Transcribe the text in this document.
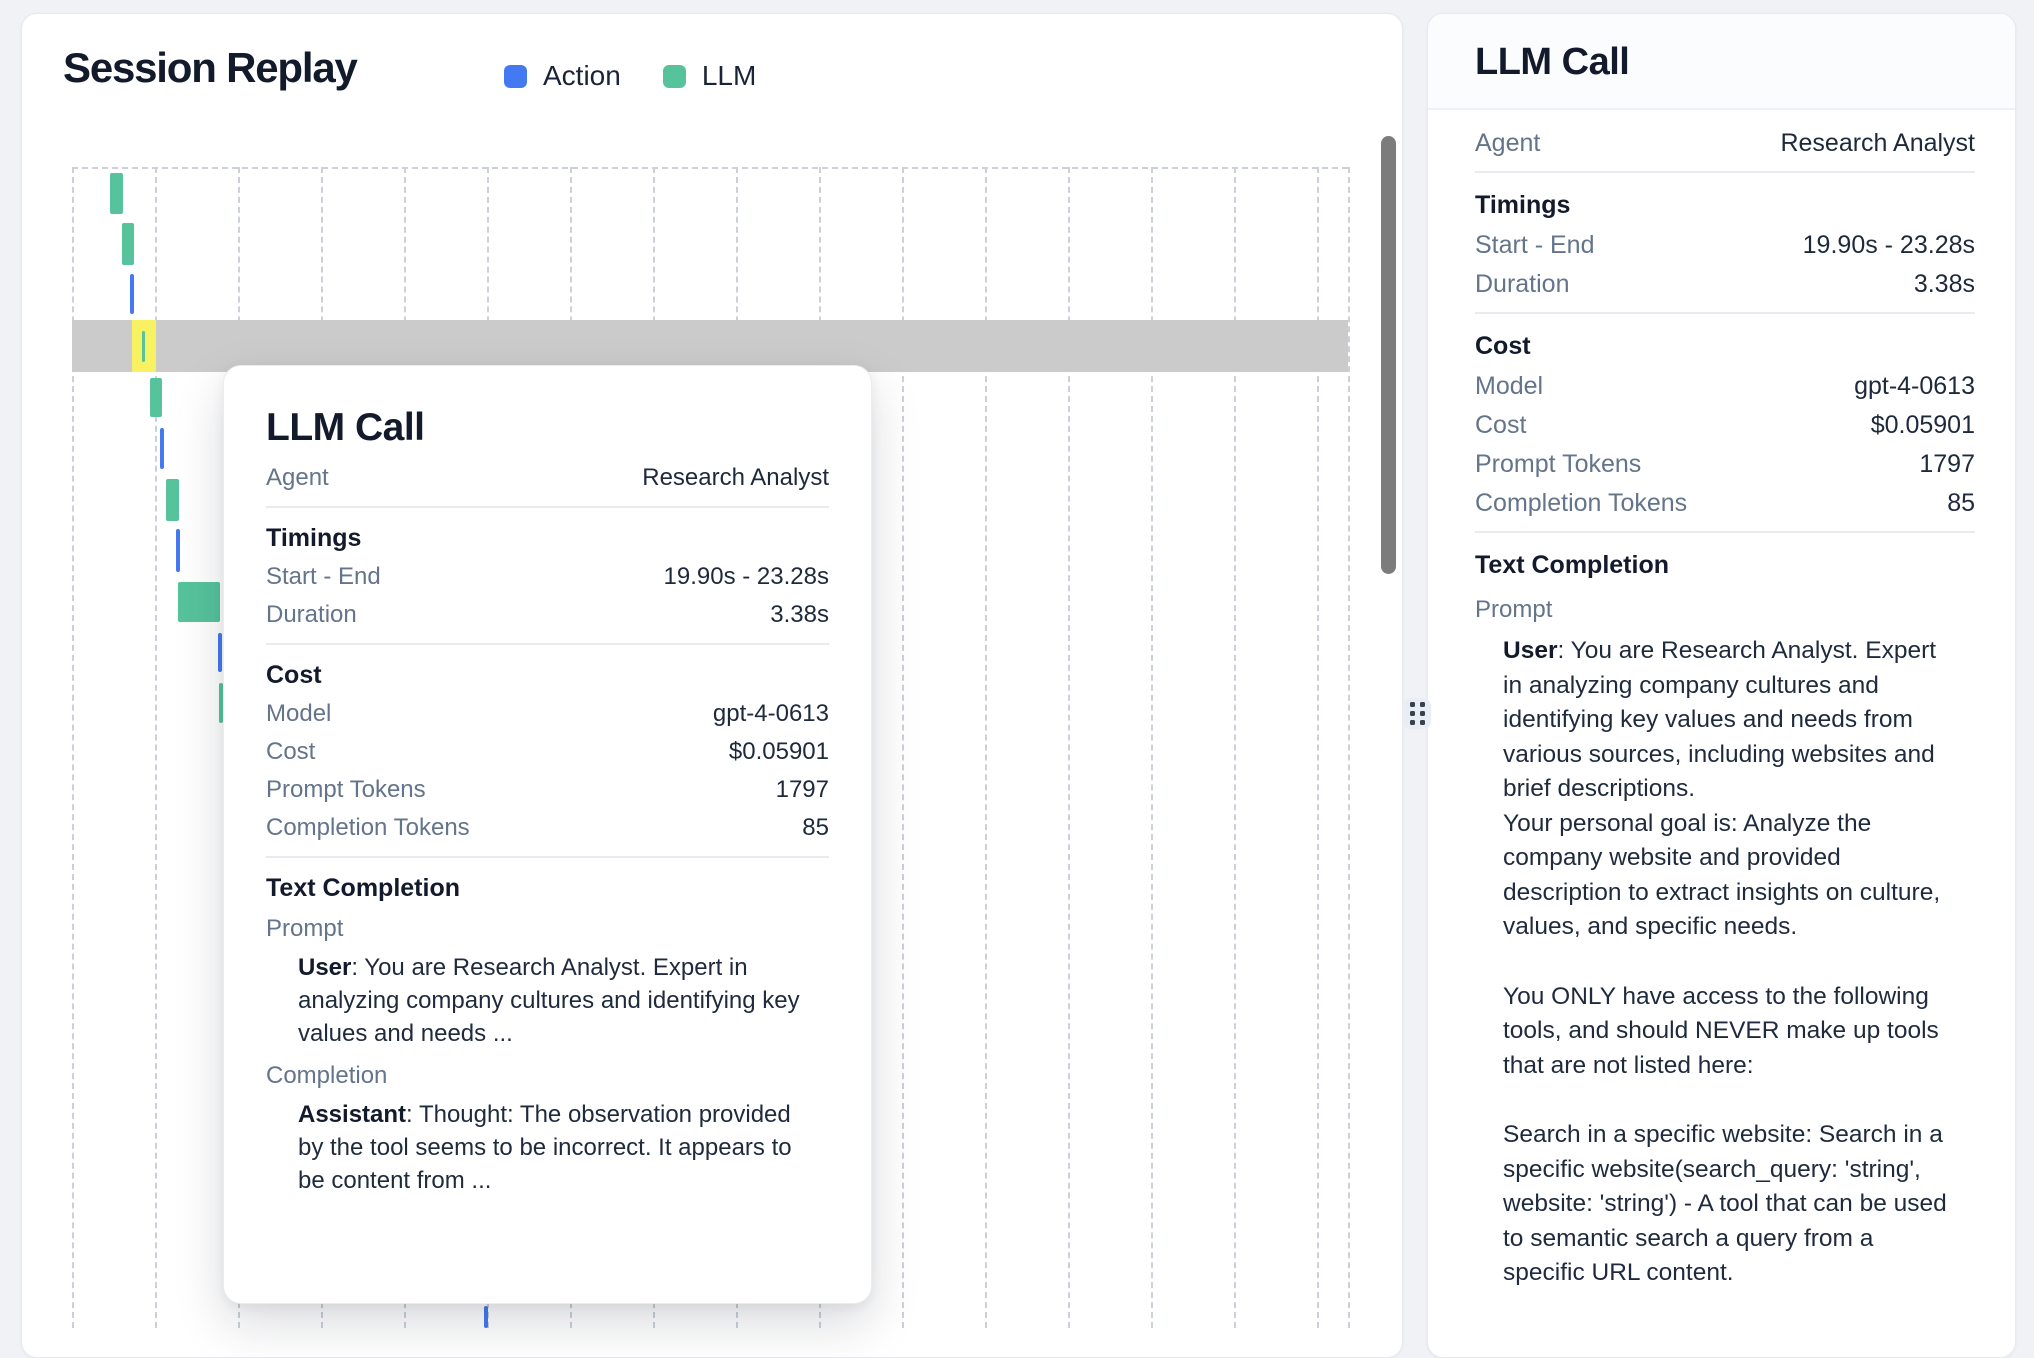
Session Replay	Action	LLM
LLM Call
Agent	Research Analyst
Timings
Start - End	19.90s - 23.28s
Duration	3.38s
Cost
Model	gpt-4-0613
Cost	$0.05901
Prompt Tokens	1797
Completion Tokens	85
Text Completion
Prompt

User: You are Research Analyst. Expert in analyzing company cultures and identifying key values and needs ...

Completion

Assistant: Thought: The observation provided by the tool seems to be incorrect. It appears to be content from ...

LLM Call
Agent	Research Analyst
Timings
Start - End	19.90s - 23.28s
Duration	3.38s
Cost
Model	gpt-4-0613
Cost	$0.05901
Prompt Tokens	1797
Completion Tokens	85
Text Completion
Prompt

User: You are Research Analyst. Expert in analyzing company cultures and identifying key values and needs from various sources, including websites and brief descriptions.
Your personal goal is: Analyze the company website and provided description to extract insights on culture, values, and specific needs.

You ONLY have access to the following tools, and should NEVER make up tools that are not listed here:

Search in a specific website: Search in a specific website(search_query: 'string', website: 'string') - A tool that can be used to semantic search a query from a specific URL content.
